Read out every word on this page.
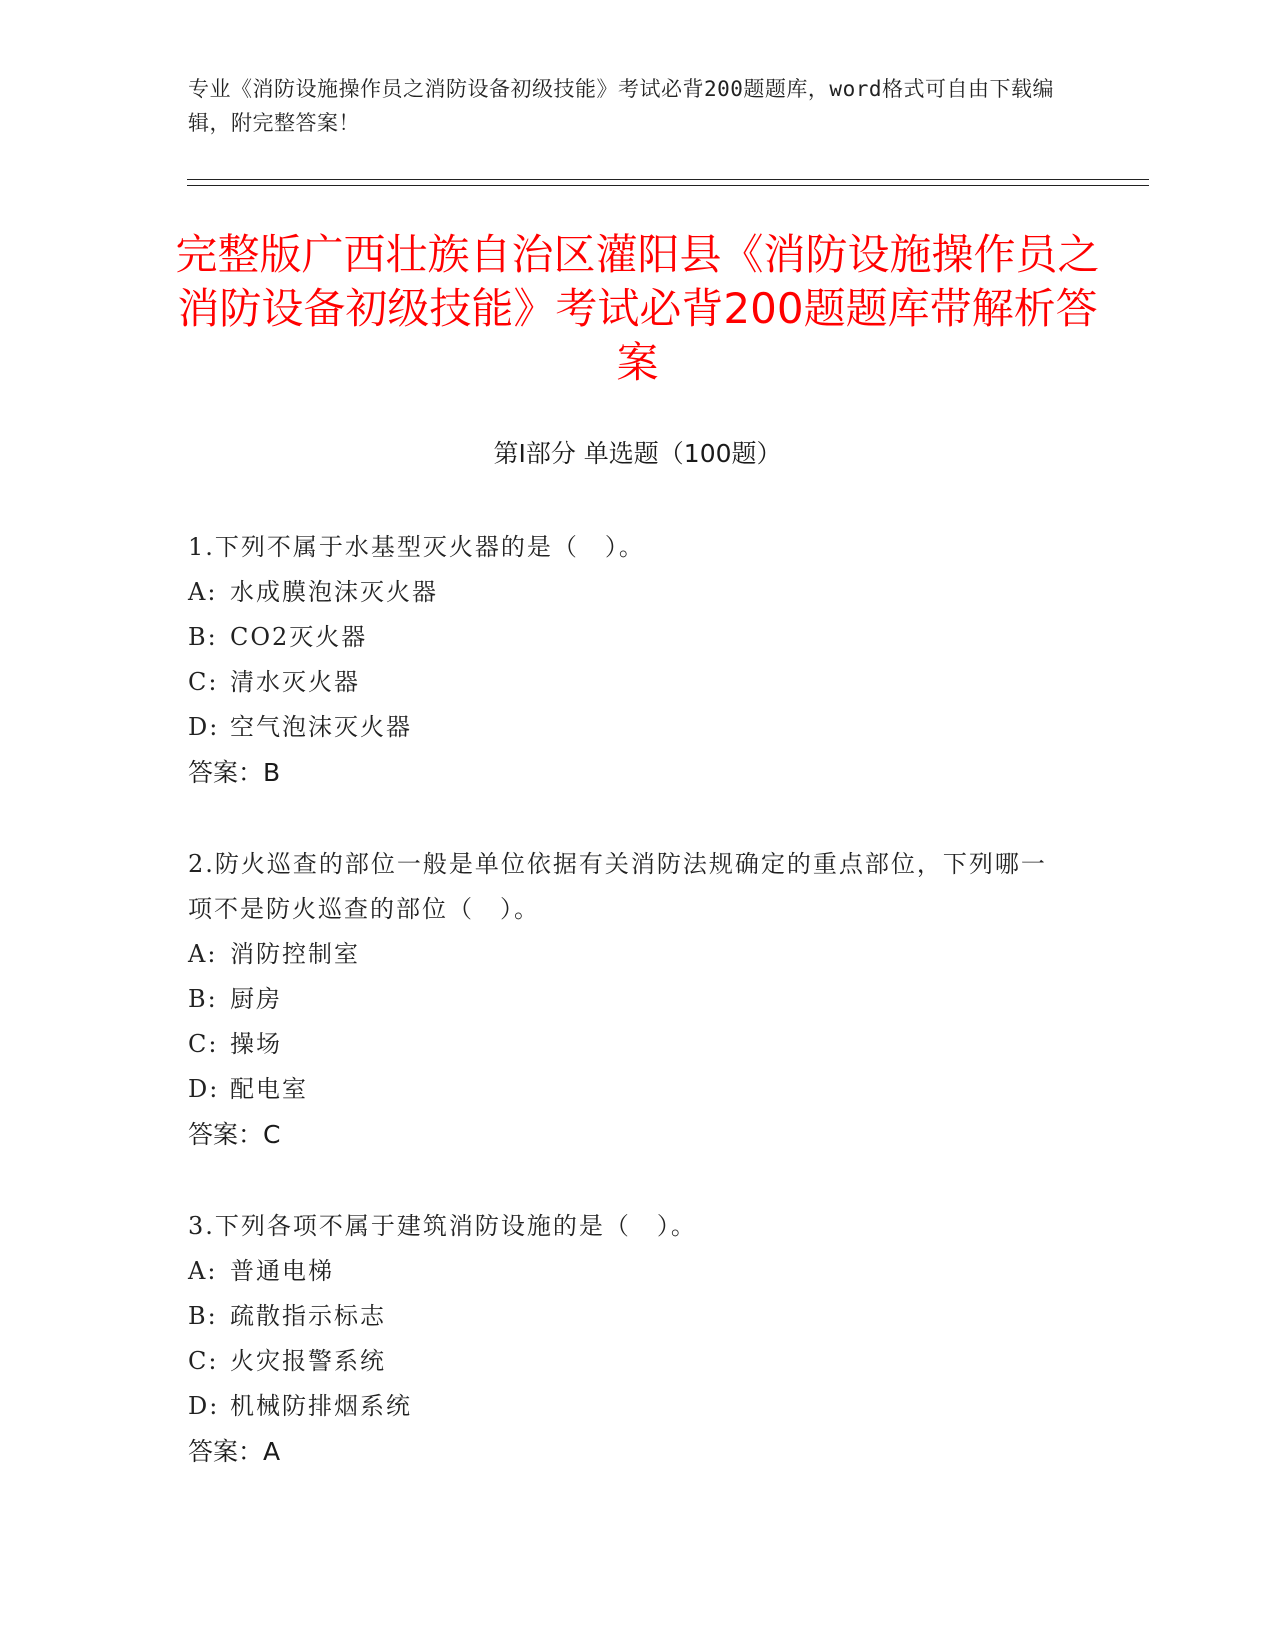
专业《消防设施操作员之消防设备初级技能》考试必背200题题库，word格式可自由下载编辑，附完整答案！
完整版广西壮族自治区灌阳县《消防设施操作员之消防设备初级技能》考试必背200题题库带解析答案
第Ⅰ部分 单选题（100题）

1.下列不属于水基型灭火器的是（　）。

A: 水成膜泡沫灭火器

B: CO2灭火器

C: 清水灭火器

D: 空气泡沫灭火器

答案：B

2.防火巡查的部位一般是单位依据有关消防法规确定的重点部位，下列哪一项不是防火巡查的部位（　）。

A: 消防控制室

B: 厨房

C: 操场

D: 配电室

答案：C

3.下列各项不属于建筑消防设施的是（　）。

A: 普通电梯

B: 疏散指示标志

C: 火灾报警系统

D: 机械防排烟系统

答案：A
